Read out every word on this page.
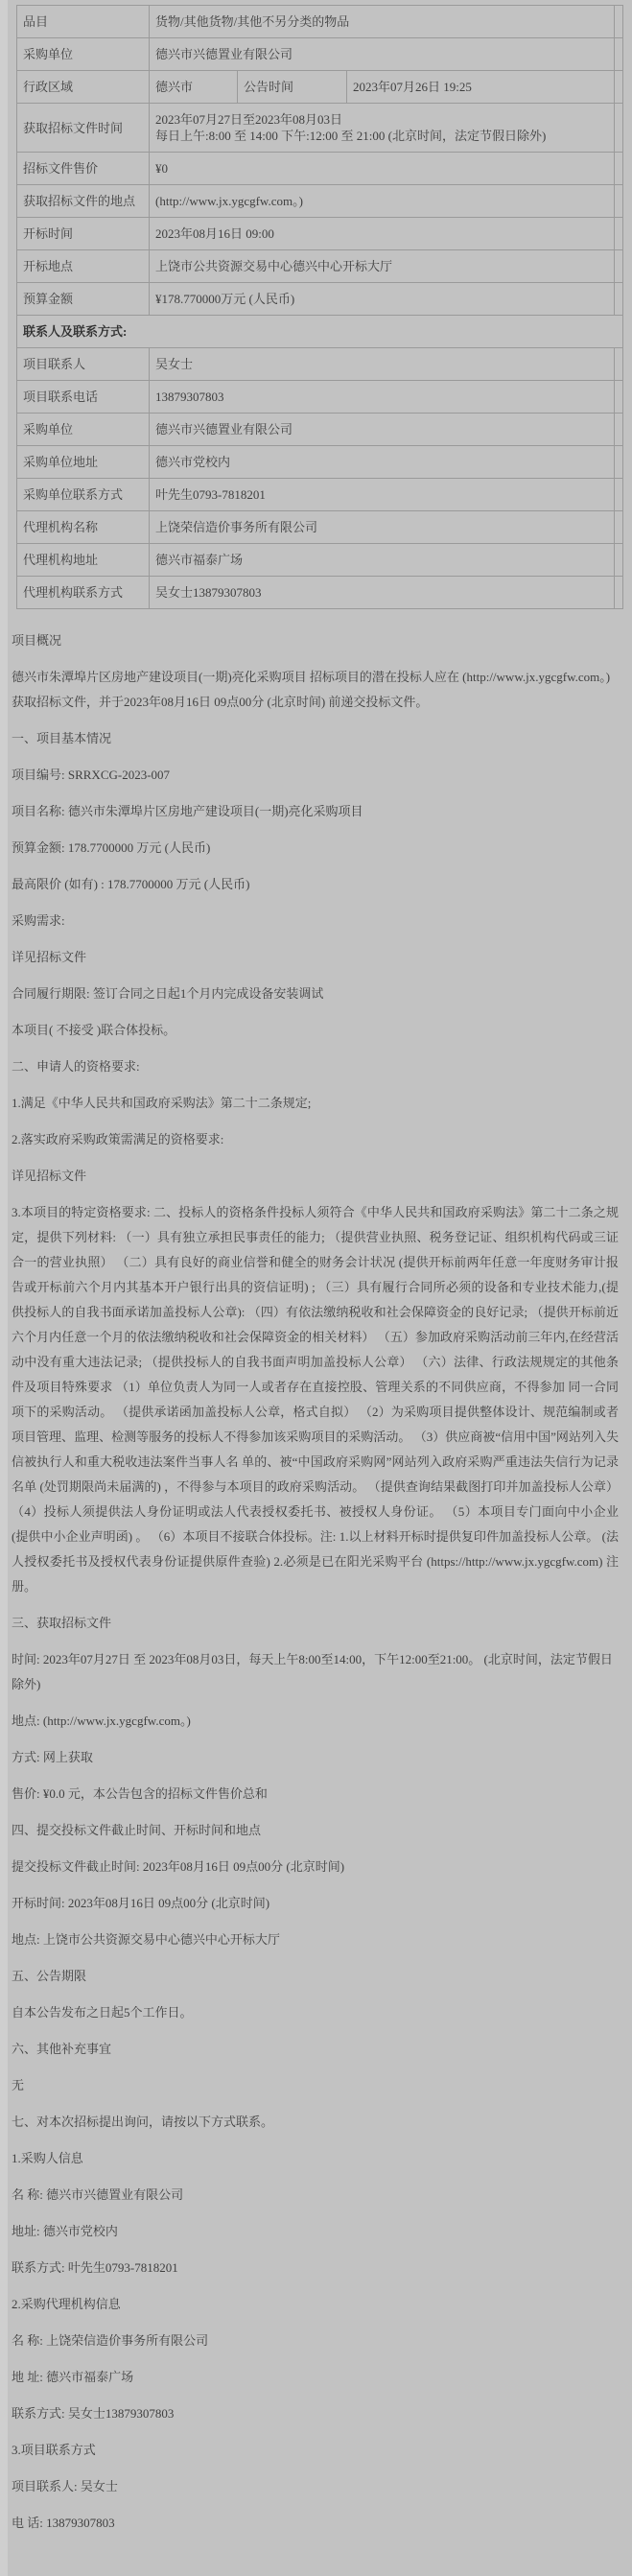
品目	货物/其他货物/其他不另分类的物品			
采购单位	德兴市兴德置业有限公司			
行政区域	德兴市	公告时间	2023年07月26日 19:25	
获取招标文件时间	2023年07月27日至2023年08月03日
每日上午:8:00 至 14:00 下午:12:00 至 21:00 (北京时间，法定节假日除外)			
招标文件售价	¥0			
获取招标文件的地点	(http://www.jx.ygcgfw.com。)			
开标时间	2023年08月16日 09:00			
开标地点	上饶市公共资源交易中心德兴中心开标大厅			
预算金额	¥178.770000万元 (人民币)			
联系人及联系方式:				
项目联系人	吴女士			
项目联系电话	13879307803			
采购单位	德兴市兴德置业有限公司			
采购单位地址	德兴市党校内			
采购单位联系方式	叶先生0793-7818201			
代理机构名称	上饶荣信造价事务所有限公司			
代理机构地址	德兴市福泰广场			
代理机构联系方式	吴女士13879307803			

项目概况

德兴市朱潭埠片区房地产建设项目(一期)亮化采购项目 招标项目的潜在投标人应在 (http://www.jx.ygcgfw.com。) 获取招标文件，并于2023年08月16日 09点00分 (北京时间) 前递交投标文件。

一、项目基本情况

项目编号: SRRXCG-2023-007

项目名称: 德兴市朱潭埠片区房地产建设项目(一期)亮化采购项目

预算金额: 178.7700000 万元 (人民币)

最高限价 (如有) : 178.7700000 万元 (人民币)

采购需求:

详见招标文件

合同履行期限: 签订合同之日起1个月内完成设备安装调试

本项目( 不接受 )联合体投标。

二、申请人的资格要求:

1.满足《中华人民共和国政府采购法》第二十二条规定;

2.落实政府采购政策需满足的资格要求:

详见招标文件

3.本项目的特定资格要求: 二、投标人的资格条件投标人须符合《中华人民共和国政府采购法》第二十二条之规定，提供下列材料: （一）具有独立承担民事责任的能力; （提供营业执照、税务登记证、组织机构代码或三证合一的营业执照） （二）具有良好的商业信誉和健全的财务会计状况 (提供开标前两年任意一年度财务审计报告或开标前六个月内其基本开户银行出具的资信证明) ; （三）具有履行合同所必须的设备和专业技术能力,(提供投标人的自我书面承诺加盖投标人公章): （四）有依法缴纳税收和社会保障资金的良好记录; （提供开标前近六个月内任意一个月的依法缴纳税收和社会保障资金的相关材料） （五）参加政府采购活动前三年内,在经营活动中没有重大违法记录; （提供投标人的自我书面声明加盖投标人公章） （六）法律、行政法规规定的其他条件及项目特殊要求 （1）单位负责人为同一人或者存在直接控股、管理关系的不同供应商，不得参加 同一合同项下的采购活动。 （提供承诺函加盖投标人公章，格式自拟） （2）为采购项目提供整体设计、规范编制或者项目管理、监理、检测等服务的投标人不得参加该采购项目的采购活动。 （3）供应商被“信用中国”网站列入失信被执行人和重大税收违法案件当事人名 单的、被“中国政府采购网”网站列入政府采购严重违法失信行为记录名单 (处罚期限尚未届满的) ，不得参与本项目的政府采购活动。 （提供查询结果截图打印并加盖投标人公章） （4）投标人须提供法人身份证明或法人代表授权委托书、被授权人身份证。 （5）本项目专门面向中小企业 (提供中小企业声明函) 。 （6）本项目不接联合体投标。注: 1.以上材料开标时提供复印件加盖投标人公章。 (法人授权委托书及授权代表身份证提供原件查验) 2.必须是已在阳光采购平台 (https://http://www.jx.ygcgfw.com) 注册。

三、获取招标文件

时间: 2023年07月27日 至 2023年08月03日，每天上午8:00至14:00，下午12:00至21:00。 (北京时间，法定节假日除外)

地点: (http://www.jx.ygcgfw.com。)

方式: 网上获取

售价: ¥0.0 元，本公告包含的招标文件售价总和

四、提交投标文件截止时间、开标时间和地点

提交投标文件截止时间: 2023年08月16日 09点00分 (北京时间)

开标时间: 2023年08月16日 09点00分 (北京时间)

地点: 上饶市公共资源交易中心德兴中心开标大厅

五、公告期限

自本公告发布之日起5个工作日。

六、其他补充事宜

无

七、对本次招标提出询问，请按以下方式联系。

1.采购人信息

名 称: 德兴市兴德置业有限公司

地址: 德兴市党校内

联系方式: 叶先生0793-7818201

2.采购代理机构信息

名 称: 上饶荣信造价事务所有限公司

地 址: 德兴市福泰广场

联系方式: 吴女士13879307803

3.项目联系方式

项目联系人: 吴女士

电 话: 13879307803
